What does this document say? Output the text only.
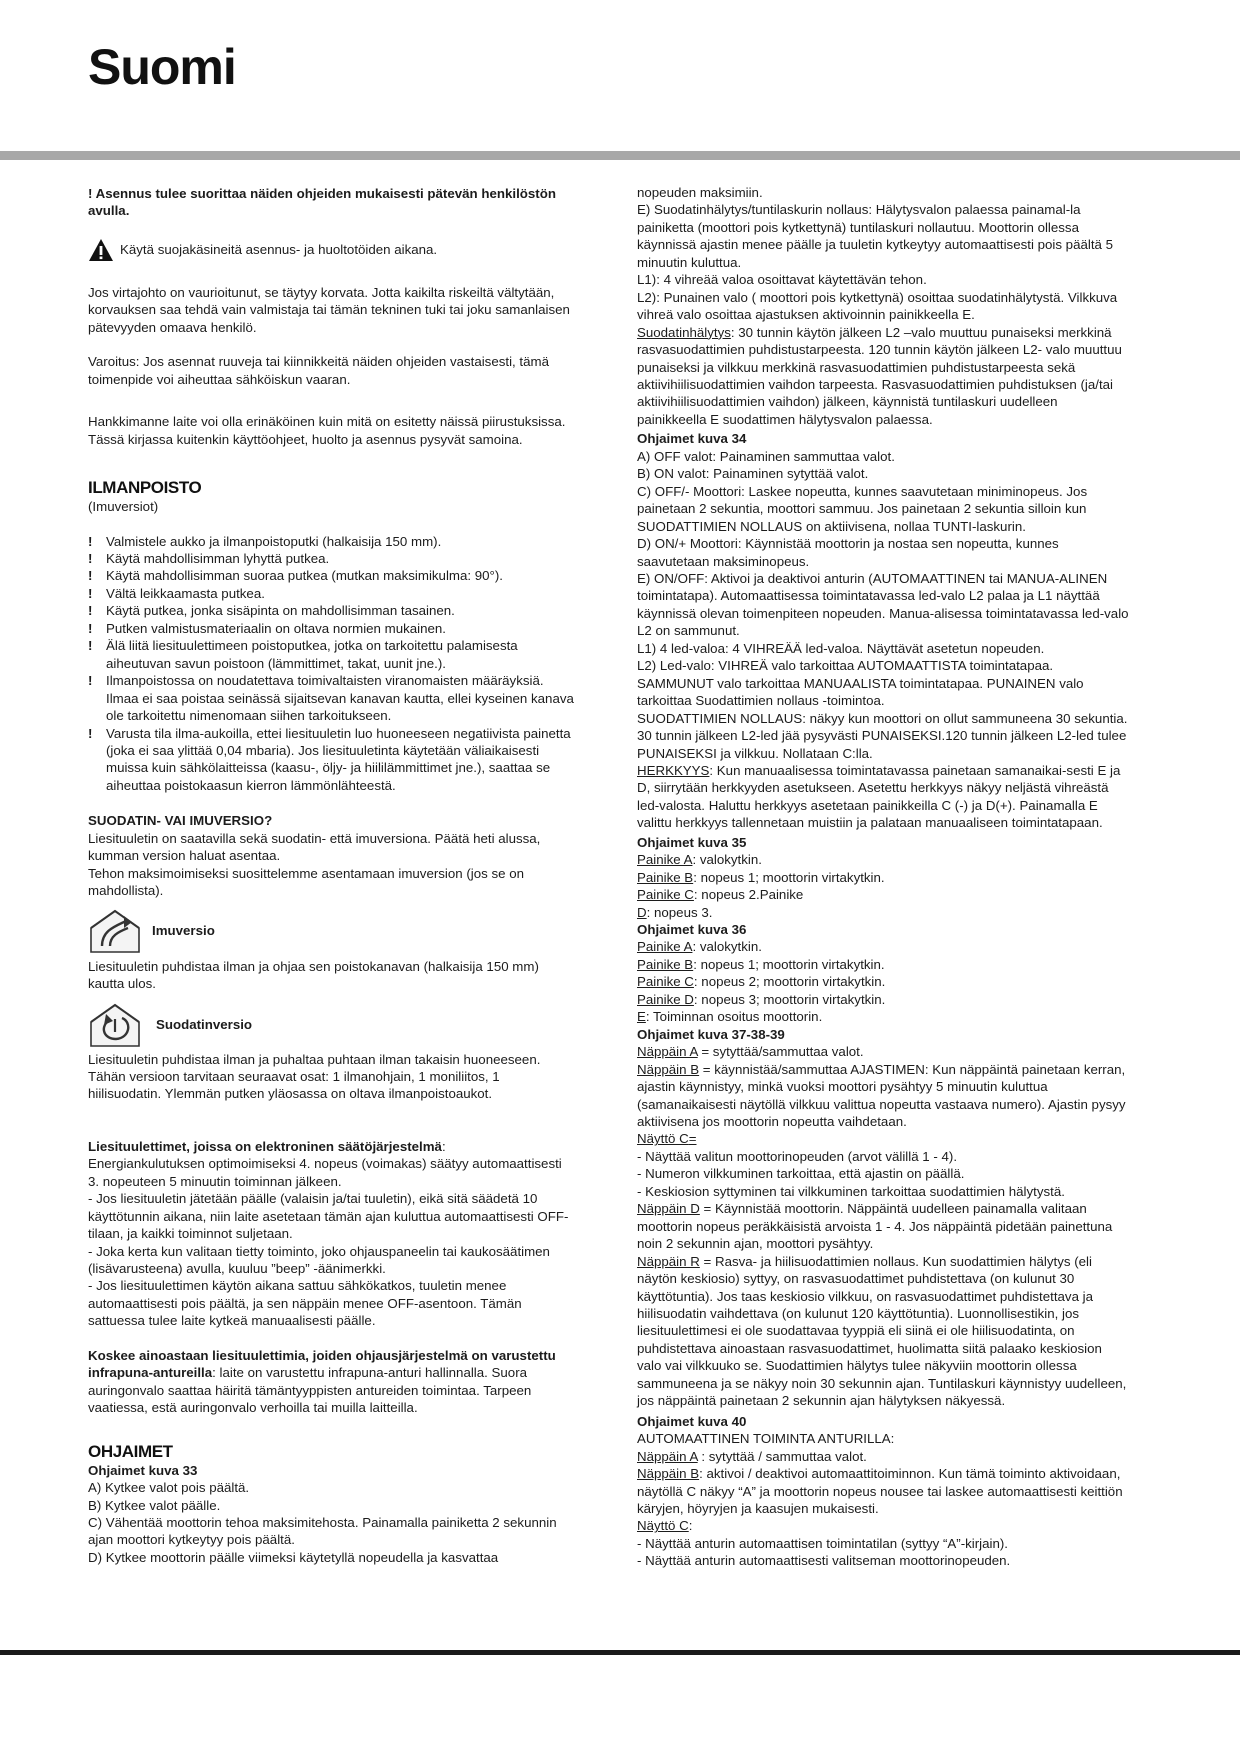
Suomi

! Asennus tulee suorittaa näiden ohjeiden mukaisesti pätevän henkilöstön avulla.

Käytä suojakäsineitä asennus- ja huoltotöiden aikana.

Jos virtajohto on vaurioitunut, se täytyy korvata. Jotta kaikilta riskeiltä vältytään, korvauksen saa tehdä vain valmistaja tai tämän tekninen tuki tai joku samanlaisen pätevyyden omaava henkilö.

Varoitus: Jos asennat ruuveja tai kiinnikkeitä näiden ohjeiden vastaisesti, tämä toimenpide voi aiheuttaa sähköiskun vaaran.

Hankkimanne laite voi olla erinäköinen kuin mitä on esitetty näissä piirustuksissa. Tässä kirjassa kuitenkin käyttöohjeet, huolto ja asennus pysyvät samoina.

ILMANPOISTO

(Imuversiot)

! Valmistele aukko ja ilmanpoistoputki (halkaisija 150 mm).
! Käytä mahdollisimman lyhyttä putkea.
! Käytä mahdollisimman suoraa putkea (mutkan maksimikulma: 90°).
! Vältä leikkaamasta putkea.
! Käytä putkea, jonka sisäpinta on mahdollisimman tasainen.
! Putken valmistusmateriaalin on oltava normien mukainen.
! Älä liitä liesituulettimeen poistoputkea, jotka on tarkoitettu palamisesta aiheutuvan savun poistoon (lämmittimet, takat, uunit jne.).
! Ilmanpoistossa on noudatettava toimivaltaisten viranomaisten määräyksiä. Ilmaa ei saa poistaa seinässä sijaitsevan kanavan kautta, ellei kyseinen kanava ole tarkoitettu nimenomaan siihen tarkoitukseen.
! Varusta tila ilma-aukoilla, ettei liesituuletin luo huoneeseen negatiivista painetta (joka ei saa ylittää 0,04 mbaria). Jos liesituuletinta käytetään väliaikaisesti muissa kuin sähkölaitteissa (kaasu-, öljy- ja hiililämmittimet jne.), saattaa se aiheuttaa poistokaasun kierron lämmönlähteestä.

SUODATIN- VAI IMUVERSIO?

Liesituuletin on saatavilla sekä suodatin- että imuversiona. Päätä heti alussa, kumman version haluat asentaa.

Tehon maksimoimiseksi suosittelemme asentamaan imuversion (jos se on mahdollista).

Imuversio

Liesituuletin puhdistaa ilman ja ohjaa sen poistokanavan (halkaisija 150 mm) kautta ulos.

Suodatinversio

Liesituuletin puhdistaa ilman ja puhaltaa puhtaan ilman takaisin huoneeseen. Tähän versioon tarvitaan seuraavat osat: 1 ilmanohjain, 1 moniliitos, 1 hiilisuodatin. Ylemmän putken yläosassa on oltava ilmanpoistoaukot.

Liesituulettimet, joissa on elektroninen säätöjärjestelmä:

Energiankulutuksen optimoimiseksi 4. nopeus (voimakas) säätyy automaattisesti 3. nopeuteen 5 minuutin toiminnan jälkeen.

- Jos liesituuletin jätetään päälle (valaisin ja/tai tuuletin), eikä sitä säädetä 10 käyttötunnin aikana, niin laite asetetaan tämän ajan kuluttua automaattisesti OFF-tilaan, ja kaikki toiminnot suljetaan.

- Joka kerta kun valitaan tietty toiminto, joko ohjauspaneelin tai kaukosäätimen (lisävarusteena) avulla, kuuluu ”beep” -äänimerkki.

- Jos liesituulettimen käytön aikana sattuu sähkökatkos, tuuletin menee automaattisesti pois päältä, ja sen näppäin menee OFF-asentoon. Tämän sattuessa tulee laite kytkeä manuaalisesti päälle.

Koskee ainoastaan liesituulettimia, joiden ohjausjärjestelmä on varustettu infrapuna-antureilla: laite on varustettu infrapuna-anturi hallinnalla. Suora auringonvalo saattaa häiritä tämäntyyppisten antureiden toimintaa. Tarpeen vaatiessa, estä auringonvalo verhoilla tai muilla laitteilla.

OHJAIMET

Ohjaimet kuva 33

A) Kytkee valot pois päältä.

B) Kytkee valot päälle.

C) Vähentää moottorin tehoa maksimitehosta. Painamalla painiketta 2 sekunnin ajan moottori kytkeytyy pois päältä.

D) Kytkee moottorin päälle viimeksi käytetyllä nopeudella ja kasvattaa

nopeuden maksimiin.

E) Suodatinhälytys/tuntilaskurin nollaus: Hälytysvalon palaessa painamal-la painiketta (moottori pois kytkettynä) tuntilaskuri nollautuu. Moottorin ollessa käynnissä ajastin menee päälle ja tuuletin kytkeytyy automaattisesti pois päältä 5 minuutin kuluttua.

L1): 4 vihreää valoa osoittavat käytettävän tehon.

L2): Punainen valo ( moottori pois kytkettynä) osoittaa suodatinhälytystä. Vilkkuva vihreä valo osoittaa ajastuksen aktivoinnin painikkeella E.

Suodatinhälytys: 30 tunnin käytön jälkeen L2 –valo muuttuu punaiseksi merkkinä rasvasuodattimien puhdistustarpeesta. 120 tunnin käytön jälkeen L2- valo muuttuu punaiseksi ja vilkkuu merkkinä rasvasuodattimien puhdistustarpeesta sekä aktiivihiilisuodattimien vaihdon tarpeesta. Rasvasuodattimien puhdistuksen (ja/tai aktiivihiilisuodattimien vaihdon) jälkeen, käynnistä tuntilaskuri uudelleen painikkeella E suodattimen hälytysvalon palaessa.

Ohjaimet kuva 34

A) OFF valot: Painaminen sammuttaa valot.

B) ON valot: Painaminen sytyttää valot.

C) OFF/- Moottori: Laskee nopeutta, kunnes saavutetaan miniminopeus. Jos painetaan 2 sekuntia, moottori sammuu. Jos painetaan 2 sekuntia silloin kun SUODATTIMIEN NOLLAUS on aktiivisena, nollaa TUNTI-laskurin.

D) ON/+ Moottori: Käynnistää moottorin ja nostaa sen nopeutta, kunnes saavutetaan maksiminopeus.

E) ON/OFF: Aktivoi ja deaktivoi anturin (AUTOMAATTINEN tai MANUA-ALINEN toimintatapa). Automaattisessa toimintatavassa led-valo L2 palaa ja L1 näyttää käynnissä olevan toimenpiteen nopeuden. Manua-alisessa toimintatavassa led-valo L2 on sammunut.

L1) 4 led-valoa: 4 VIHREÄÄ led-valoa. Näyttävät asetetun nopeuden.

L2) Led-valo: VIHREÄ valo tarkoittaa AUTOMAATTISTA toimintatapaa. SAMMUNUT valo tarkoittaa MANUAALISTA toimintatapaa. PUNAINEN valo tarkoittaa Suodattimien nollaus -toimintoa.

SUODATTIMIEN NOLLAUS: näkyy kun moottori on ollut sammuneena 30 sekuntia. 30 tunnin jälkeen L2-led jää pysyvästi PUNAISEKSI.120 tunnin jälkeen L2-led tulee PUNAISEKSI ja vilkkuu. Nollataan C:lla.

HERKKYYS: Kun manuaalisessa toimintatavassa painetaan samanaikai-sesti E ja D, siirrytään herkkyyden asetukseen. Asetettu herkkyys näkyy neljästä vihreästä led-valosta. Haluttu herkkyys asetetaan painikkeilla C (-) ja D(+). Painamalla E valittu herkkyys tallennetaan muistiin ja palataan manuaaliseen toimintatapaan.

Ohjaimet kuva 35

Painike A: valokytkin.

Painike B: nopeus 1; moottorin virtakytkin.

Painike C: nopeus 2.Painike

D: nopeus 3.

Ohjaimet kuva 36

Painike A: valokytkin.

Painike B: nopeus 1; moottorin virtakytkin.

Painike C: nopeus 2; moottorin virtakytkin.

Painike D: nopeus 3; moottorin virtakytkin.

E: Toiminnan osoitus moottorin.

Ohjaimet kuva 37-38-39

Näppäin A = sytyttää/sammuttaa valot.

Näppäin B = käynnistää/sammuttaa AJASTIMEN: Kun näppäintä painetaan kerran, ajastin käynnistyy, minkä vuoksi moottori pysähtyy 5 minuutin kuluttua (samanaikaisesti näytöllä vilkkuu valittua nopeutta vastaava numero). Ajastin pysyy aktiivisena jos moottorin nopeutta vaihdetaan.

Näyttö C=

- Näyttää valitun moottorinopeuden (arvot välillä 1 - 4).

- Numeron vilkkuminen tarkoittaa, että ajastin on päällä.

- Keskiosion syttyminen tai vilkkuminen tarkoittaa suodattimien hälytystä.

Näppäin D = Käynnistää moottorin. Näppäintä uudelleen painamalla valitaan moottorin nopeus peräkkäisistä arvoista 1 - 4. Jos näppäintä pidetään painettuna noin 2 sekunnin ajan, moottori pysähtyy.

Näppäin R = Rasva- ja hiilisuodattimien nollaus. Kun suodattimien hälytys (eli näytön keskiosio) syttyy, on rasvasuodattimet puhdistettava (on kulunut 30 käyttötuntia). Jos taas keskiosio vilkkuu, on rasvasuodattimet puhdistettava ja hiilisuodatin vaihdettava (on kulunut 120 käyttötuntia). Luonnollisestikin, jos liesituulettimesi ei ole suodattavaa tyyppiä eli siinä ei ole hiilisuodatinta, on puhdistettava ainoastaan rasvasuodattimet, huolimatta siitä palaako keskiosion valo vai vilkkuuko se. Suodattimien hälytys tulee näkyviin moottorin ollessa sammuneena ja se näkyy noin 30 sekunnin ajan. Tuntilaskuri käynnistyy uudelleen, jos näppäintä painetaan 2 sekunnin ajan hälytyksen näkyessä.

Ohjaimet kuva 40

AUTOMAATTINEN TOIMINTA ANTURILLA:

Näppäin A : sytyttää / sammuttaa valot.

Näppäin B: aktivoi / deaktivoi automaattitoiminnon. Kun tämä toiminto aktivoidaan, näytöllä C näkyy “A” ja moottorin nopeus nousee tai laskee automaattisesti keittiön käryjen, höyryjen ja kaasujen mukaisesti.

Näyttö C:

- Näyttää anturin automaattisen toimintatilan (syttyy “A”-kirjain).

- Näyttää anturin automaattisesti valitseman moottorinopeuden.
